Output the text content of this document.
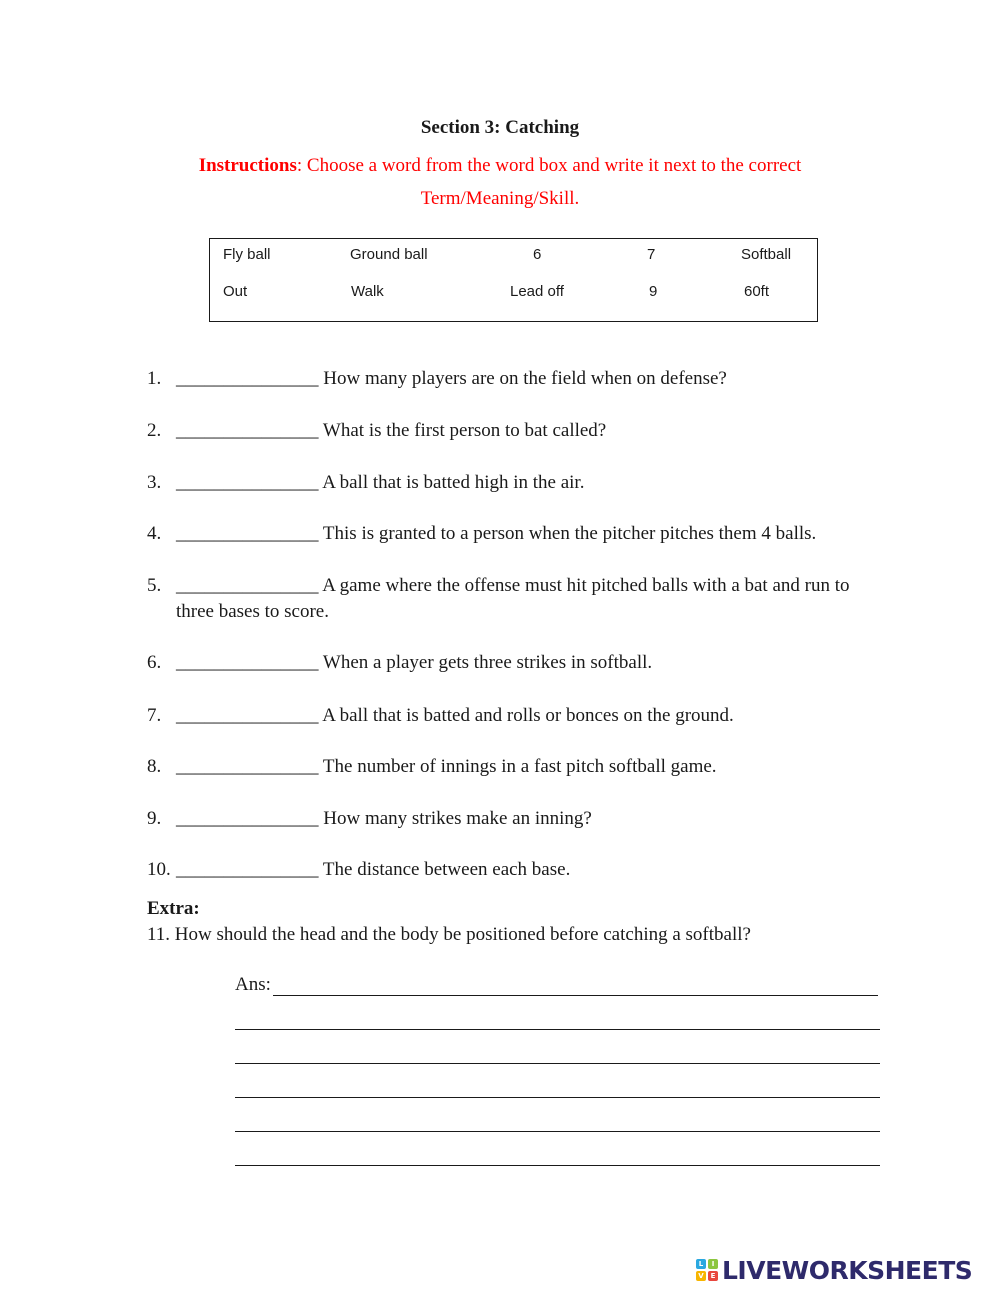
Section 3: Catching
Instructions: Choose a word from the word box and write it next to the correct
Term/Meaning/Skill.
Fly ball	Ground ball	6	7	Softball
Out	Walk	Lead off	9	60ft
1. _______________ How many players are on the field when on defense?
2. _______________ What is the first person to bat called?
3. _______________ A ball that is batted high in the air.
4. _______________ This is granted to a person when the pitcher pitches them 4 balls.
5. _______________ A game where the offense must hit pitched balls with a bat and run to
three bases to score.
6. _______________ When a player gets three strikes in softball.
7. _______________ A ball that is batted and rolls or bonces on the ground.
8. _______________ The number of innings in a fast pitch softball game.
9. _______________ How many strikes make an inning?
10. _______________ The distance between each base.
Extra:
11. How should the head and the body be positioned before catching a softball?
Ans:
L	I
V E LIVEWORKSHEETS
